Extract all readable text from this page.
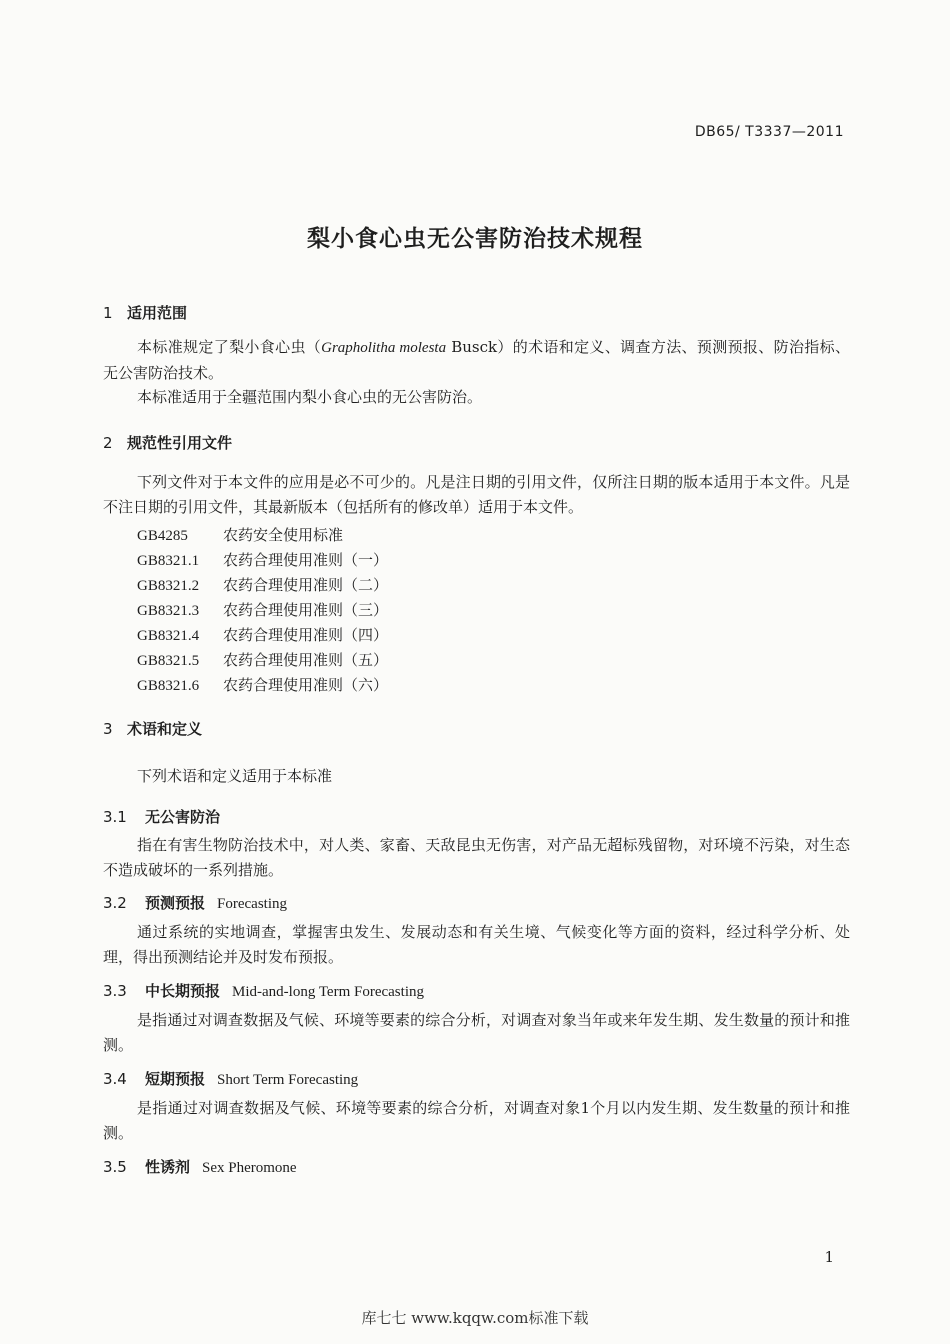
DB65/ T3337—2011
梨小食心虫无公害防治技术规程
1 适用范围
本标准规定了梨小食心虫（Grapholitha molesta Busck）的术语和定义、调查方法、预测预报、防治指标、无公害防治技术。
本标准适用于全疆范围内梨小食心虫的无公害防治。
2 规范性引用文件
下列文件对于本文件的应用是必不可少的。凡是注日期的引用文件，仅所注日期的版本适用于本文件。凡是不注日期的引用文件，其最新版本（包括所有的修改单）适用于本文件。
GB4285 农药安全使用标准
GB8321.1 农药合理使用准则（一）
GB8321.2 农药合理使用准则（二）
GB8321.3 农药合理使用准则（三）
GB8321.4 农药合理使用准则（四）
GB8321.5 农药合理使用准则（五）
GB8321.6 农药合理使用准则（六）
3 术语和定义
下列术语和定义适用于本标准
3.1 无公害防治
指在有害生物防治技术中，对人类、家畜、天敌昆虫无伤害，对产品无超标残留物，对环境不污染，对生态不造成破坏的一系列措施。
3.2 预测预报 Forecasting
通过系统的实地调查，掌握害虫发生、发展动态和有关生境、气候变化等方面的资料，经过科学分析、处理，得出预测结论并及时发布预报。
3.3 中长期预报 Mid-and-long Term Forecasting
是指通过对调查数据及气候、环境等要素的综合分析，对调查对象当年或来年发生期、发生数量的预计和推测。
3.4 短期预报 Short Term Forecasting
是指通过对调查数据及气候、环境等要素的综合分析，对调查对象1个月以内发生期、发生数量的预计和推测。
3.5 性诱剂 Sex Pheromone
1
库七七 www.kqqw.com标准下载
